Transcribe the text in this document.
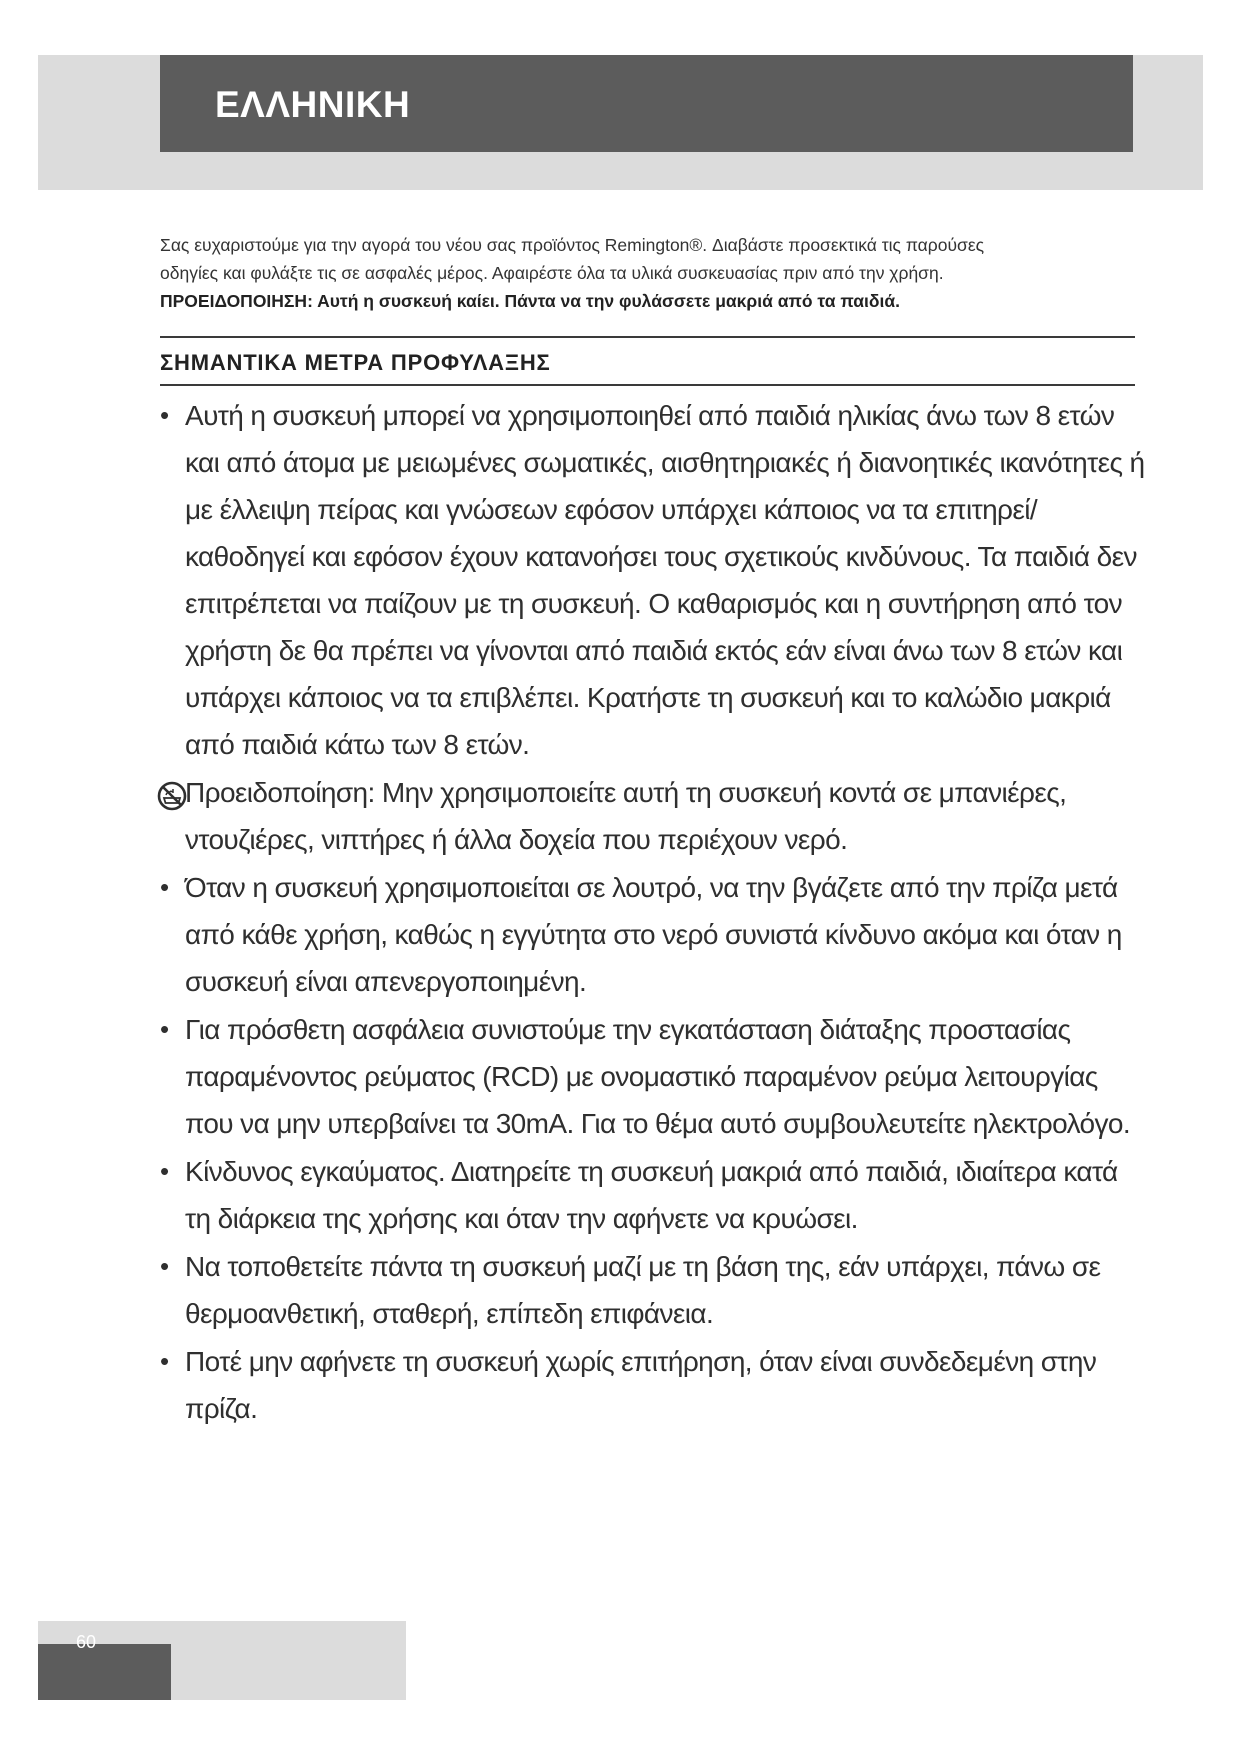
ΕΛΛΗΝΙΚΗ

Σας ευχαριστούμε για την αγορά του νέου σας προϊόντος Remington®. Διαβάστε προσεκτικά τις παρούσες

οδηγίες και φυλάξτε τις σε ασφαλές μέρος. Αφαιρέστε όλα τα υλικά συσκευασίας πριν από την χρήση.

ΠΡΟΕΙΔΟΠΟΙΗΣΗ: Αυτή η συσκευή καίει. Πάντα να την φυλάσσετε μακριά από τα παιδιά.

ΣΗΜΑΝΤΙΚΑ ΜΕΤΡΑ ΠΡΟΦΥΛΑΞΗΣ
• Αυτή η συσκευή μπορεί να χρησιμοποιηθεί από παιδιά ηλικίας άνω των 8 ετών και από άτομα με μειωμένες σωματικές, αισθητηριακές ή διανοητικές ικανότητες ή με έλλειψη πείρας και γνώσεων εφόσον υπάρχει κάποιος να τα επιτηρεί/καθοδηγεί και εφόσον έχουν κατανοήσει τους σχετικούς κινδύνους. Τα παιδιά δεν επιτρέπεται να παίζουν με τη συσκευή. Ο καθαρισμός και η συντήρηση από τον χρήστη δε θα πρέπει να γίνονται από παιδιά εκτός εάν είναι άνω των 8 ετών και υπάρχει κάποιος να τα επιβλέπει. Κρατήστε τη συσκευή και το καλώδιο μακριά από παιδιά κάτω των 8 ετών.
Προειδοποίηση: Μην χρησιμοποιείτε αυτή τη συσκευή κοντά σε μπανιέρες, ντουζιέρες, νιπτήρες ή άλλα δοχεία που περιέχουν νερό.
• Όταν η συσκευή χρησιμοποιείται σε λουτρό, να την βγάζετε από την πρίζα μετά από κάθε χρήση, καθώς η εγγύτητα στο νερό συνιστά κίνδυνο ακόμα και όταν η συσκευή είναι απενεργοποιημένη.
• Για πρόσθετη ασφάλεια συνιστούμε την εγκατάσταση διάταξης προστασίας παραμένοντος ρεύματος (RCD) με ονομαστικό παραμένον ρεύμα λειτουργίας που να μην υπερβαίνει τα 30mA. Για το θέμα αυτό συμβουλευτείτε ηλεκτρολόγο.
• Κίνδυνος εγκαύματος. Διατηρείτε τη συσκευή μακριά από παιδιά, ιδιαίτερα κατά τη διάρκεια της χρήσης και όταν την αφήνετε να κρυώσει.
• Να τοποθετείτε πάντα τη συσκευή μαζί με τη βάση της, εάν υπάρχει, πάνω σε θερμοανθετική, σταθερή, επίπεδη επιφάνεια.
• Ποτέ μην αφήνετε τη συσκευή χωρίς επιτήρηση, όταν είναι συνδεδεμένη στην πρίζα.

60
